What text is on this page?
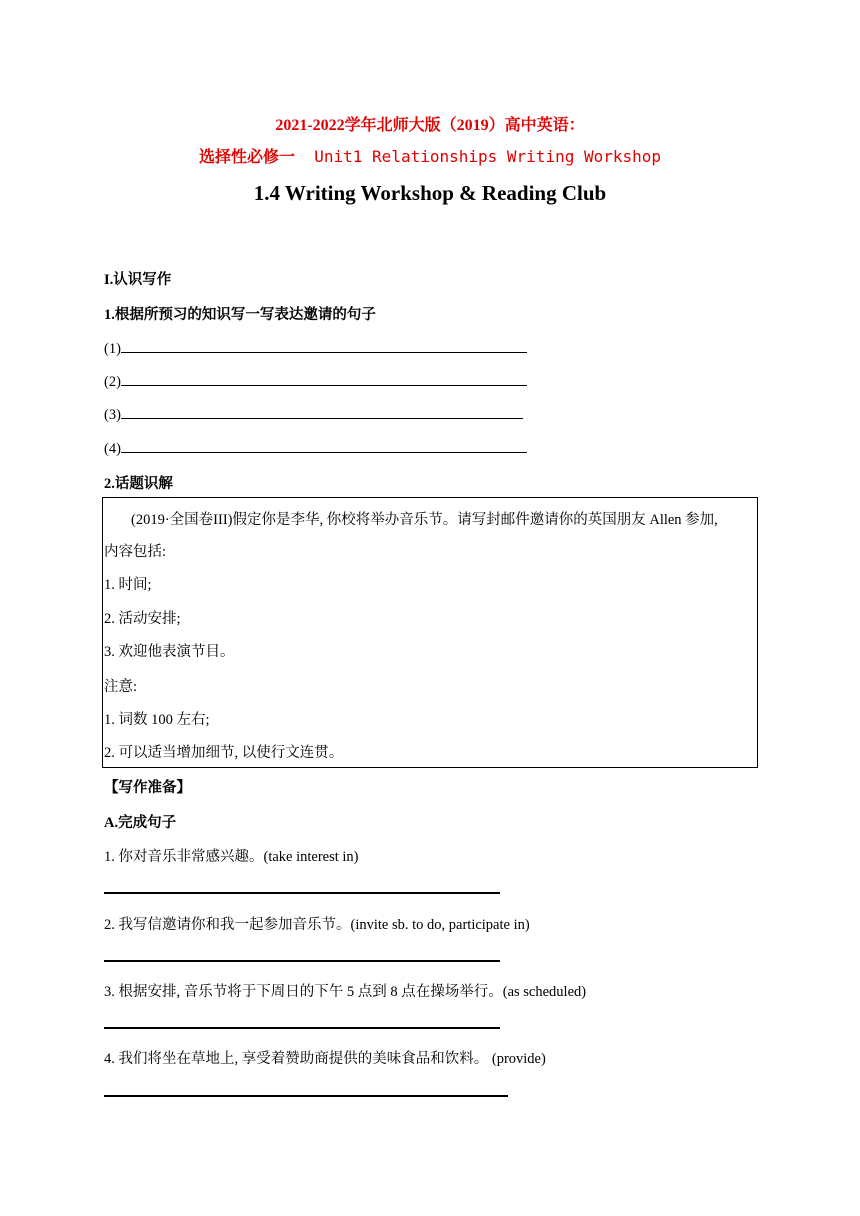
2021-2022学年北师大版（2019）高中英语：
选择性必修一 Unit1 Relationships Writing Workshop
1.4 Writing Workshop & Reading Club
I.认识写作
1.根据所预习的知识写一写表达邀请的句子
(1)
(2)
(3)
(4)
2.话题识解
(2019·全国卷III)假定你是李华, 你校将举办音乐节。请写封邮件邀请你的英国朋友 Allen 参加,
内容包括:
1. 时间;
2. 活动安排;
3. 欢迎他表演节目。
注意:
1. 词数 100 左右;
2. 可以适当增加细节, 以使行文连贯。
【写作准备】
A.完成句子
1. 你对音乐非常感兴趣。(take interest in)
2. 我写信邀请你和我一起参加音乐节。(invite sb. to do, participate in)
3. 根据安排, 音乐节将于下周日的下午 5 点到 8 点在操场举行。(as scheduled)
4. 我们将坐在草地上, 享受着赞助商提供的美味食品和饮料。 (provide)
